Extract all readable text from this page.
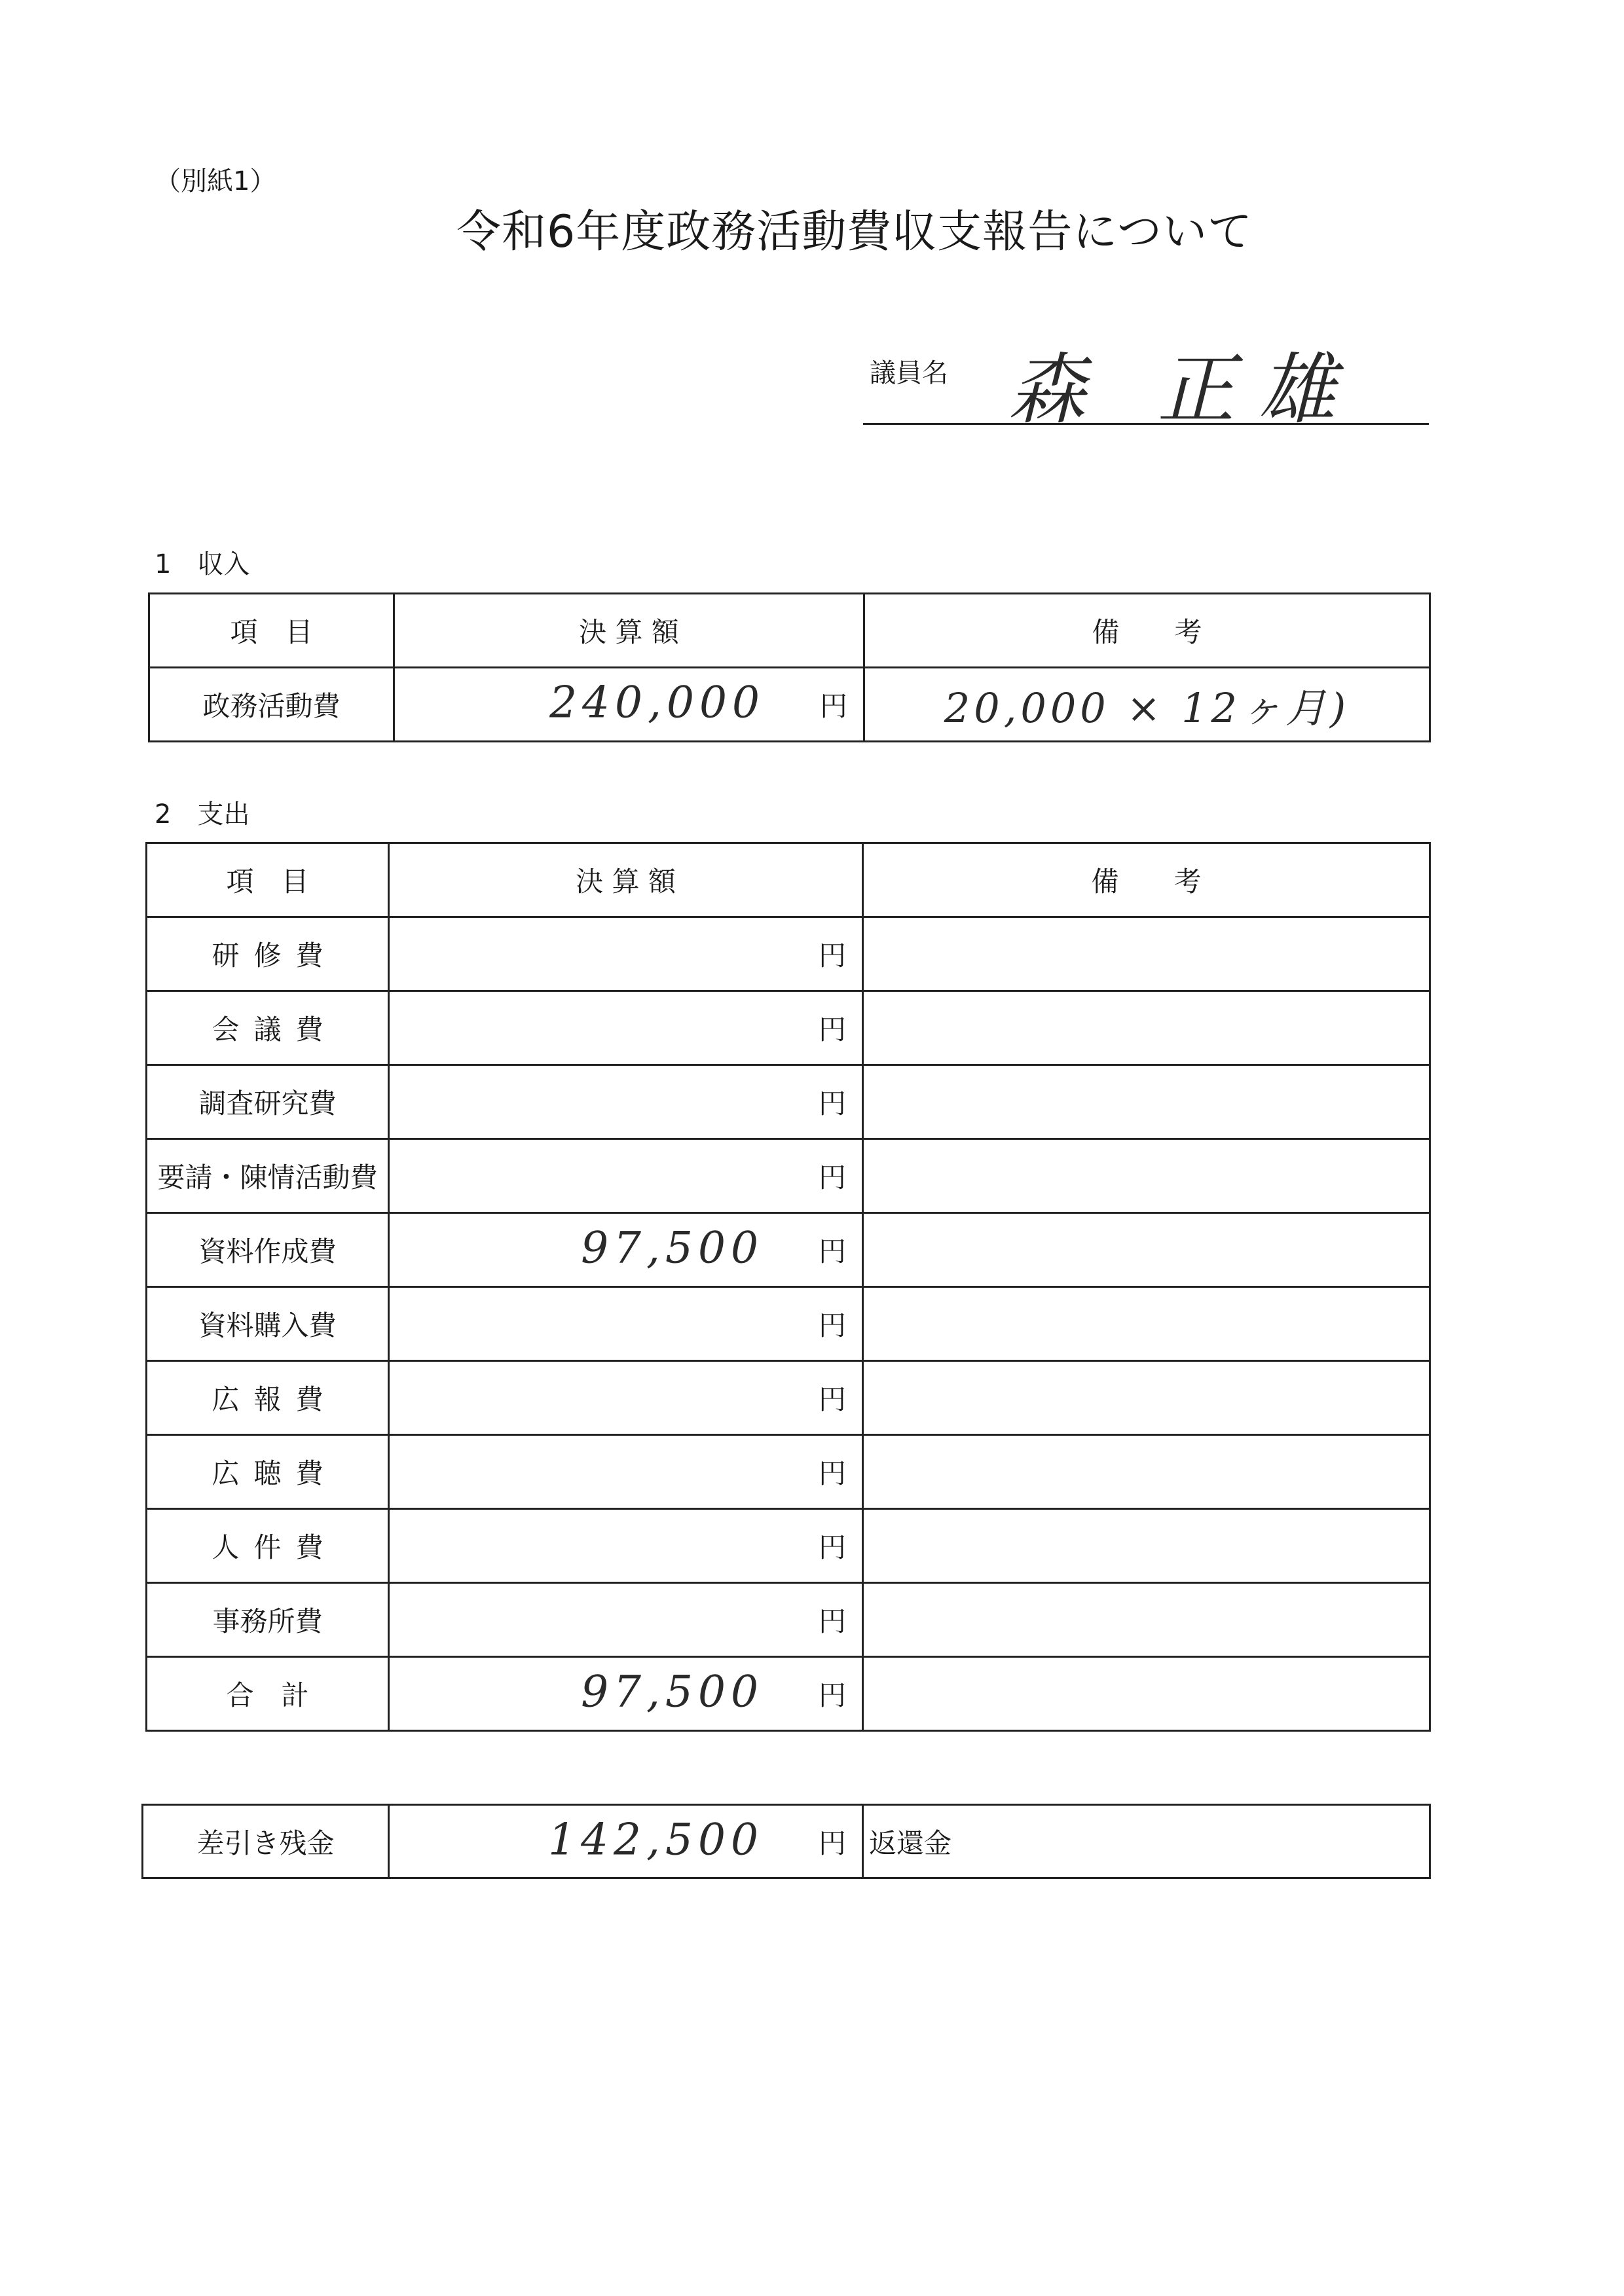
（別紙1）
令和6年度政務活動費収支報告について
議員名 森 正雄
1　収入
項　目	決 算 額	備　　考
政務活動費	240,000 円	20,000 × 12ヶ月)
2　支出
項　目	決 算 額	備　　考
研修費	円	

会議費	円	

調査研究費	円	

要請・陳情活動費	円	

資料作成費	97,500 円	

資料購入費	円	

広報費	円	

広聴費	円	

人件費	円	

事務所費	円	

合　計	97,500 円	

差引き残金	142,500 円	返還金
